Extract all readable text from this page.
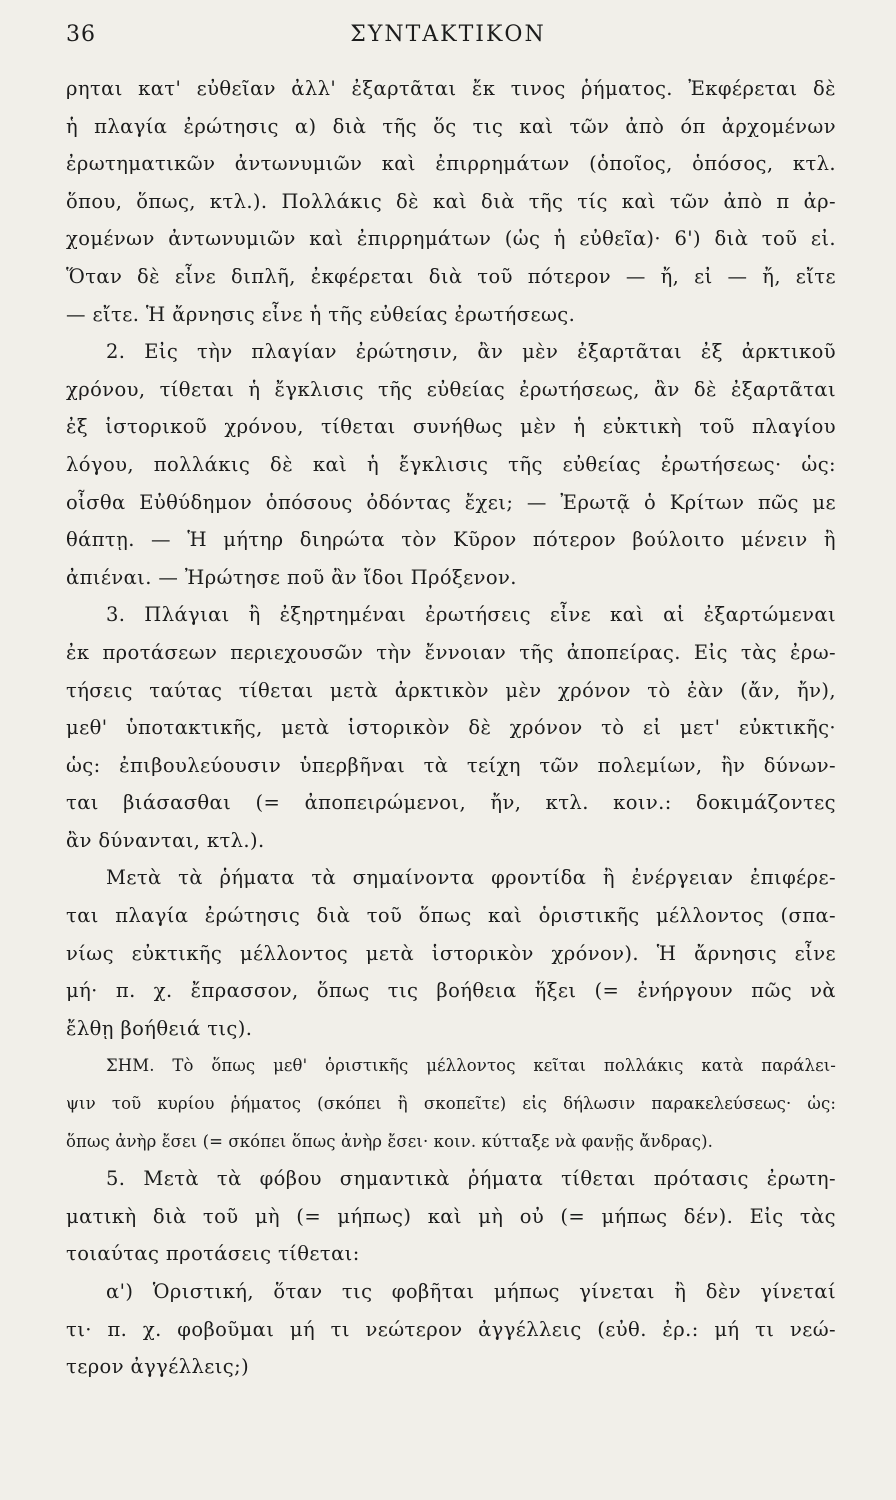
36	ΣΥΝΤΑΚΤΙΚΟΝ
ρηται κατ' εὐθεῖαν ἀλλ' ἐξαρτᾶται ἔκ τινος ῥήματος. Ἐκφέρεται δὲ
ἡ πλαγία ἐρώτησις α) διὰ τῆς ὅς τις καὶ τῶν ἀπὸ όπ ἀρχομένων
ἐρωτηματικῶν ἀντωνυμιῶν καὶ ἐπιρρημάτων (ὁποῖος, ὁπόσος, κτλ.
ὅπου, ὅπως, κτλ.). Πολλάκις δὲ καὶ διὰ τῆς τίς καὶ τῶν ἀπὸ π ἀρ-
χομένων ἀντωνυμιῶν καὶ ἐπιρρημάτων (ὡς ἡ εὐθεῖα)· 6') διὰ τοῦ εἰ.
Ὅταν δὲ εἶνε διπλῆ, ἐκφέρεται διὰ τοῦ πότερον — ἤ, εἰ — ἤ, εἴτε
— εἴτε. Ἡ ἄρνησις εἶνε ἡ τῆς εὐθείας ἐρωτήσεως.
2. Εἰς τὴν πλαγίαν ἐρώτησιν, ἂν μὲν ἐξαρτᾶται ἐξ ἀρκτικοῦ
χρόνου, τίθεται ἡ ἔγκλισις τῆς εὐθείας ἐρωτήσεως, ἂν δὲ ἐξαρτᾶται
ἐξ ἱστορικοῦ χρόνου, τίθεται συνήθως μὲν ἡ εὐκτικὴ τοῦ πλαγίου
λόγου, πολλάκις δὲ καὶ ἡ ἔγκλισις τῆς εὐθείας ἐρωτήσεως· ὡς:
οἶσθα Εὐθύδημον ὁπόσους ὀδόντας ἔχει; — Ἐρωτᾷ ὁ Κρίτων πῶς με
θάπτῃ. — Ἡ μήτηρ διηρώτα τὸν Κῦρον πότερον βούλοιτο μένειν ἢ
ἀπιέναι. — Ἠρώτησε ποῦ ἂν ἴδοι Πρόξενον.
3. Πλάγιαι ἢ ἐξηρτημέναι ἐρωτήσεις εἶνε καὶ αἱ ἐξαρτώμεναι
ἐκ προτάσεων περιεχουσῶν τὴν ἔννοιαν τῆς ἀποπείρας. Εἰς τὰς ἐρω-
τήσεις ταύτας τίθεται μετὰ ἀρκτικὸν μὲν χρόνον τὸ ἐὰν (ἄν, ἤν),
μεθ' ὑποτακτικῆς, μετὰ ἱστορικὸν δὲ χρόνον τὸ εἰ μετ' εὐκτικῆς·
ὡς: ἐπιβουλεύουσιν ὑπερβῆναι τὰ τείχη τῶν πολεμίων, ἢν δύνων-
ται βιάσασθαι (= ἀποπειρώμενοι, ἤν, κτλ. κοιν.: δοκιμάζοντες
ἂν δύνανται, κτλ.).
Μετὰ τὰ ῥήματα τὰ σημαίνοντα φροντίδα ἢ ἐνέργειαν ἐπιφέρε-
ται πλαγία ἐρώτησις διὰ τοῦ ὅπως καὶ ὁριστικῆς μέλλοντος (σπα-
νίως εὐκτικῆς μέλλοντος μετὰ ἱστορικὸν χρόνον). Ἡ ἄρνησις εἶνε
μή· π. χ. ἔπρασσον, ὅπως τις βοήθεια ἥξει (= ἐνήργουν πῶς νὰ
ἔλθῃ βοήθειά τις).
ΣΗΜ. Τὸ ὅπως μεθ' ὁριστικῆς μέλλοντος κεῖται πολλάκις κατὰ παράλει-
ψιν τοῦ κυρίου ῥήματος (σκόπει ἢ σκοπεῖτε) εἰς δήλωσιν παρακελεύσεως· ὡς:
ὅπως ἀνὴρ ἔσει (= σκόπει ὅπως ἀνὴρ ἔσει· κοιν. κύτταξε νὰ φανῇς ἄνδρας).
5. Μετὰ τὰ φόβου σημαντικὰ ῥήματα τίθεται πρότασις ἐρωτη-
ματικὴ διὰ τοῦ μὴ (= μήπως) καὶ μὴ οὐ (= μήπως δέν). Εἰς τὰς
τοιαύτας προτάσεις τίθεται:
α') Ὁριστική, ὅταν τις φοβῆται μήπως γίνεται ἢ δὲν γίνεταί
τι· π. χ. φοβοῦμαι μή τι νεώτερον ἀγγέλλεις (εὐθ. ἐρ.: μή τι νεώ-
τερον ἀγγέλλεις;)
